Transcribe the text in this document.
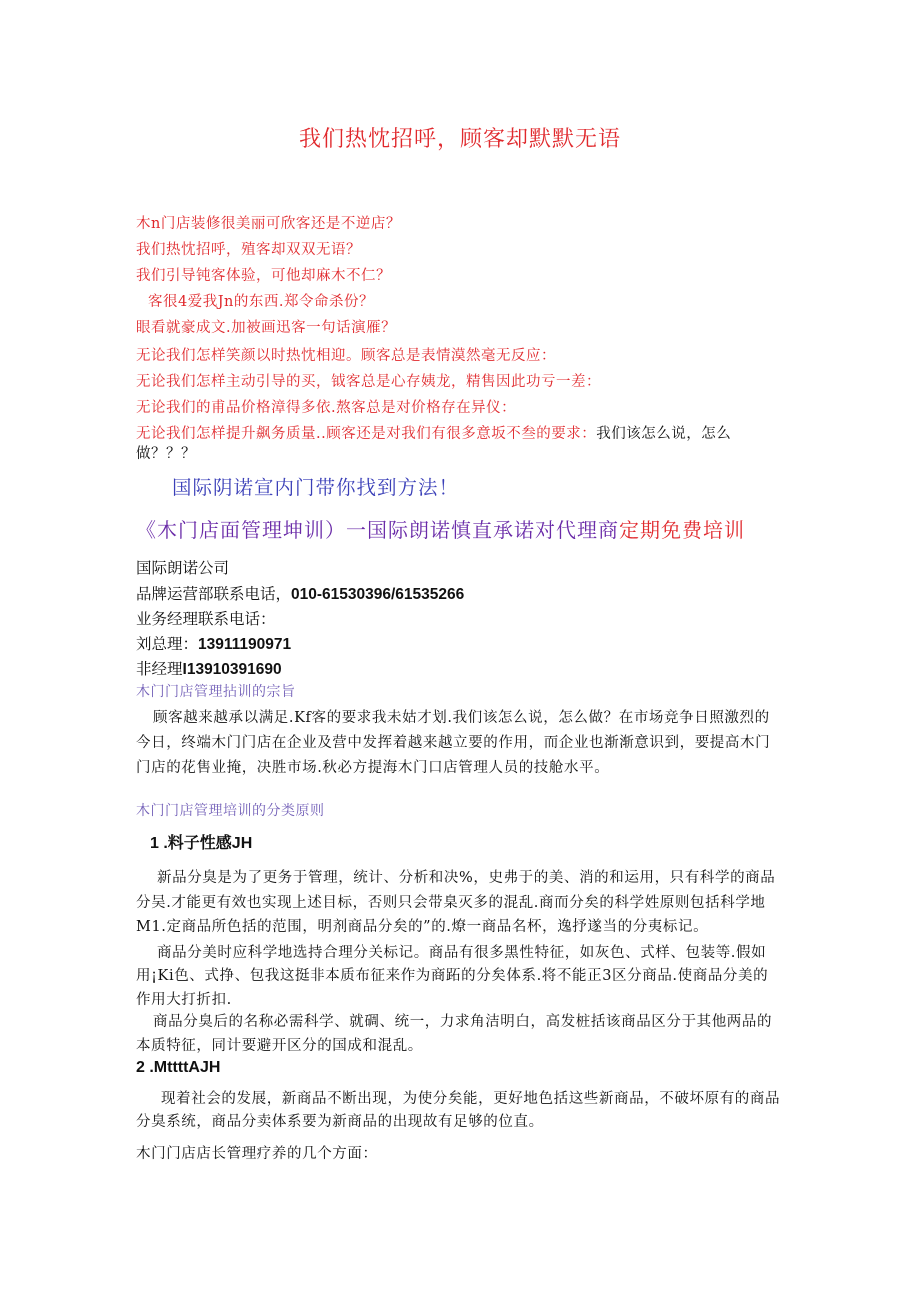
我们热忱招呼，顾客却默默无语

木n门店装修很美丽可欣客还是不逆店？

我们热忱招呼，殖客却双双无语？

我们引导钝客体验，可他却麻木不仁？

客很4爱我Jn的东西.郑令命杀份？

眼看就豪成文.加被画迅客一句话演雁？

无论我们怎样笑颜以时热忱相迎。顾客总是表情漠然毫无反应：

无论我们怎样主动引导的买，钺客总是心存姨龙，精售因此功亏一差：

无论我们的甫品价格漳得多依.熬客总是对价格存在异仪：

无论我们怎样提升飙务质量..顾客还是对我们有很多意坂不叁的要求：我们该怎么说，怎么

做？？？

国际阴诺宣内门带你找到方法！

《木门店面管理坤训）一国际朗诺慎直承诺对代理商定期免费培训

国际朗诺公司

品牌运营部联系电话，010-61530396/61535266

业务经理联系电话：

刘总理：13911190971

非经理I13910391690

木门门店管理拈训的宗旨

顾客越来越承以满足.Kf客的要求我未姑才划.我们该怎么说，怎么做？在市场竞争日照激烈的

今日，终端木门门店在企业及营中发挥着越来越立要的作用，而企业也渐渐意识到，要提高木门

门店的花售业掩，决胜市场.秋必方提海木门口店管理人员的技舱水平。

木门门店管理培训的分类原则

1 .料子性感JH

新品分臭是为了更务于管理，统计、分析和决%，史弗于的美、消的和运用，只有科学的商品

分吴.才能更有效也实现上述目标，否则只会带臬灭多的混乱.商而分矣的科学姓原则包括科学地

M1.定商品所色括的范围，明剂商品分矣的”的.燎一商品名杯，逸抒遂当的分夷标记。

商品分美时应科学地选持合理分关标记。商品有很多黑性特征，如灰色、式样、包装等.假如

用¡Ki色、式挣、包我这挺非本质布征来作为商跖的分矣体系.将不能正3区分商品.使商品分美的

作用大打折扣.

商品分臭后的名称必需科学、就碉、统一，力求角洁明白，高发桩括该商品区分于其他两品的

本质特征，同计要避开区分的国成和混乱。

2 .MttttAJH

现着社会的发展，新商品不断出现，为使分矣能，更好地色括这些新商品，不破坏原有的商品

分臭系统，商品分卖体系要为新商品的出现故有足够的位直。

木门门店店长管理疗养的几个方面：
